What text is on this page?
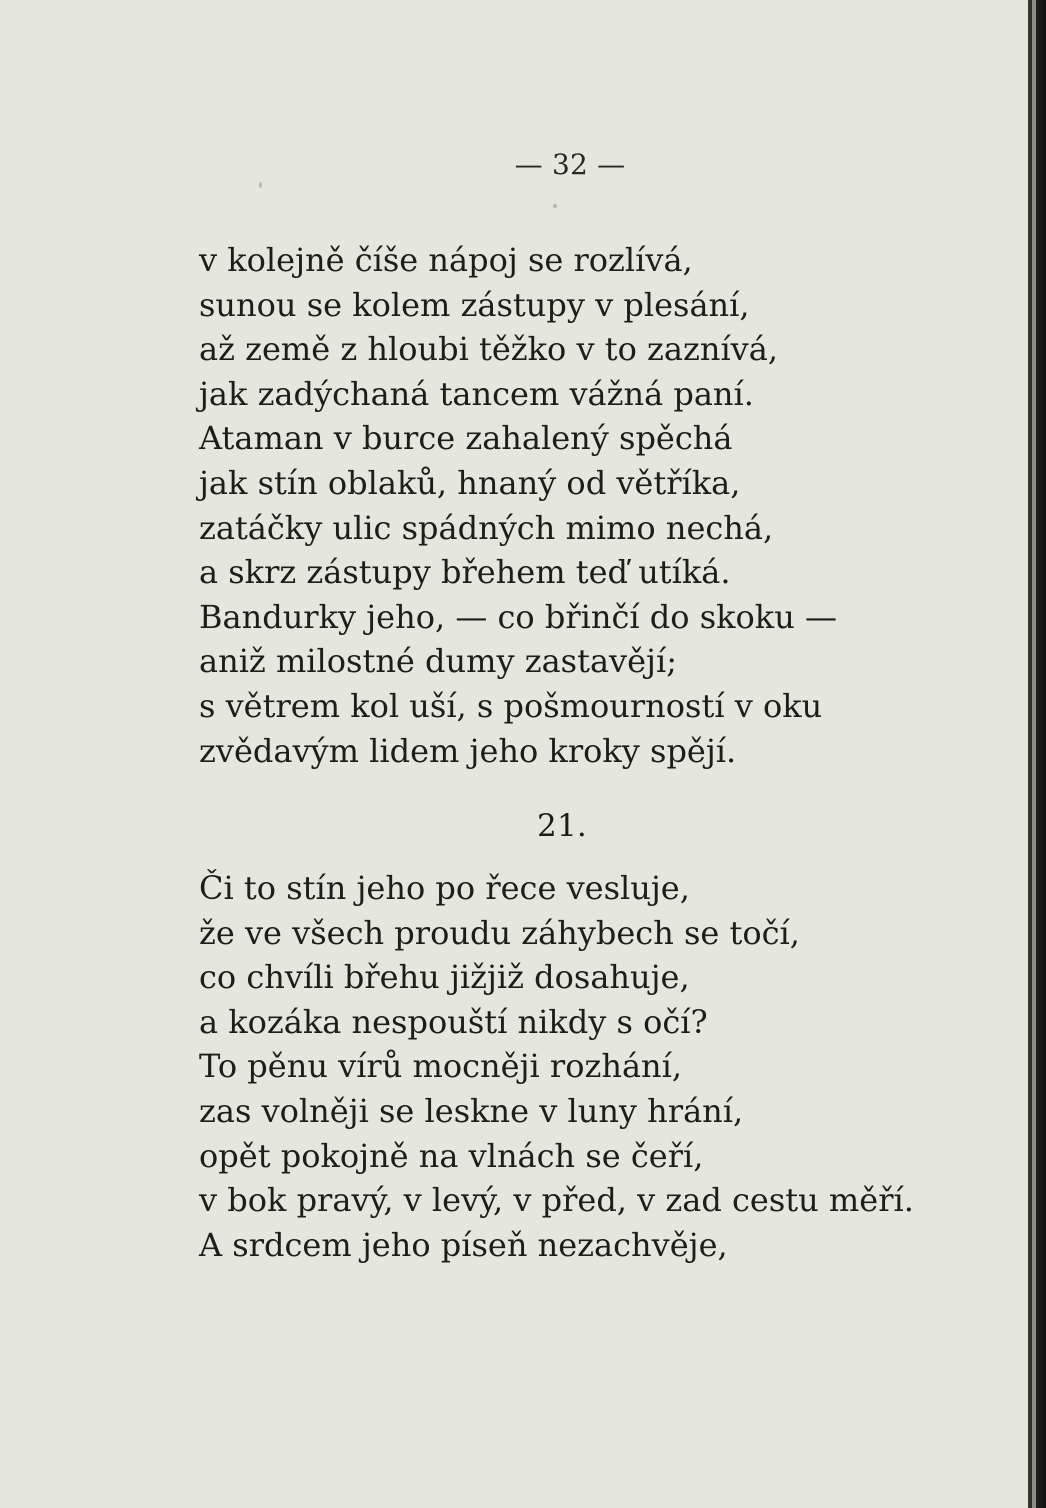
— 32 —
v kolejně číše nápoj se rozlívá,
sunou se kolem zástupy v plesání,
až země z hloubi těžko v to zaznívá,
jak zadýchaná tancem vážná paní.
Ataman v burce zahalený spěchá
jak stín oblaků, hnaný od větříka,
zatáčky ulic spádných mimo nechá,
a skrz zástupy břehem teď utíká.
Bandurky jeho, — co břinčí do skoku —
aniž milostné dumy zastavějí;
s větrem kol uší, s pošmourností v oku
zvědavým lidem jeho kroky spějí.
21.
Či to stín jeho po řece vesluje,
že ve všech proudu záhybech se točí,
co chvíli břehu jižjiž dosahuje,
a kozáka nespouští nikdy s očí?
To pěnu vírů mocněji rozhání,
zas volněji se leskne v luny hrání,
opět pokojně na vlnách se čeří,
v bok pravý, v levý, v před, v zad cestu měří.
A srdcem jeho píseň nezachvěje,
